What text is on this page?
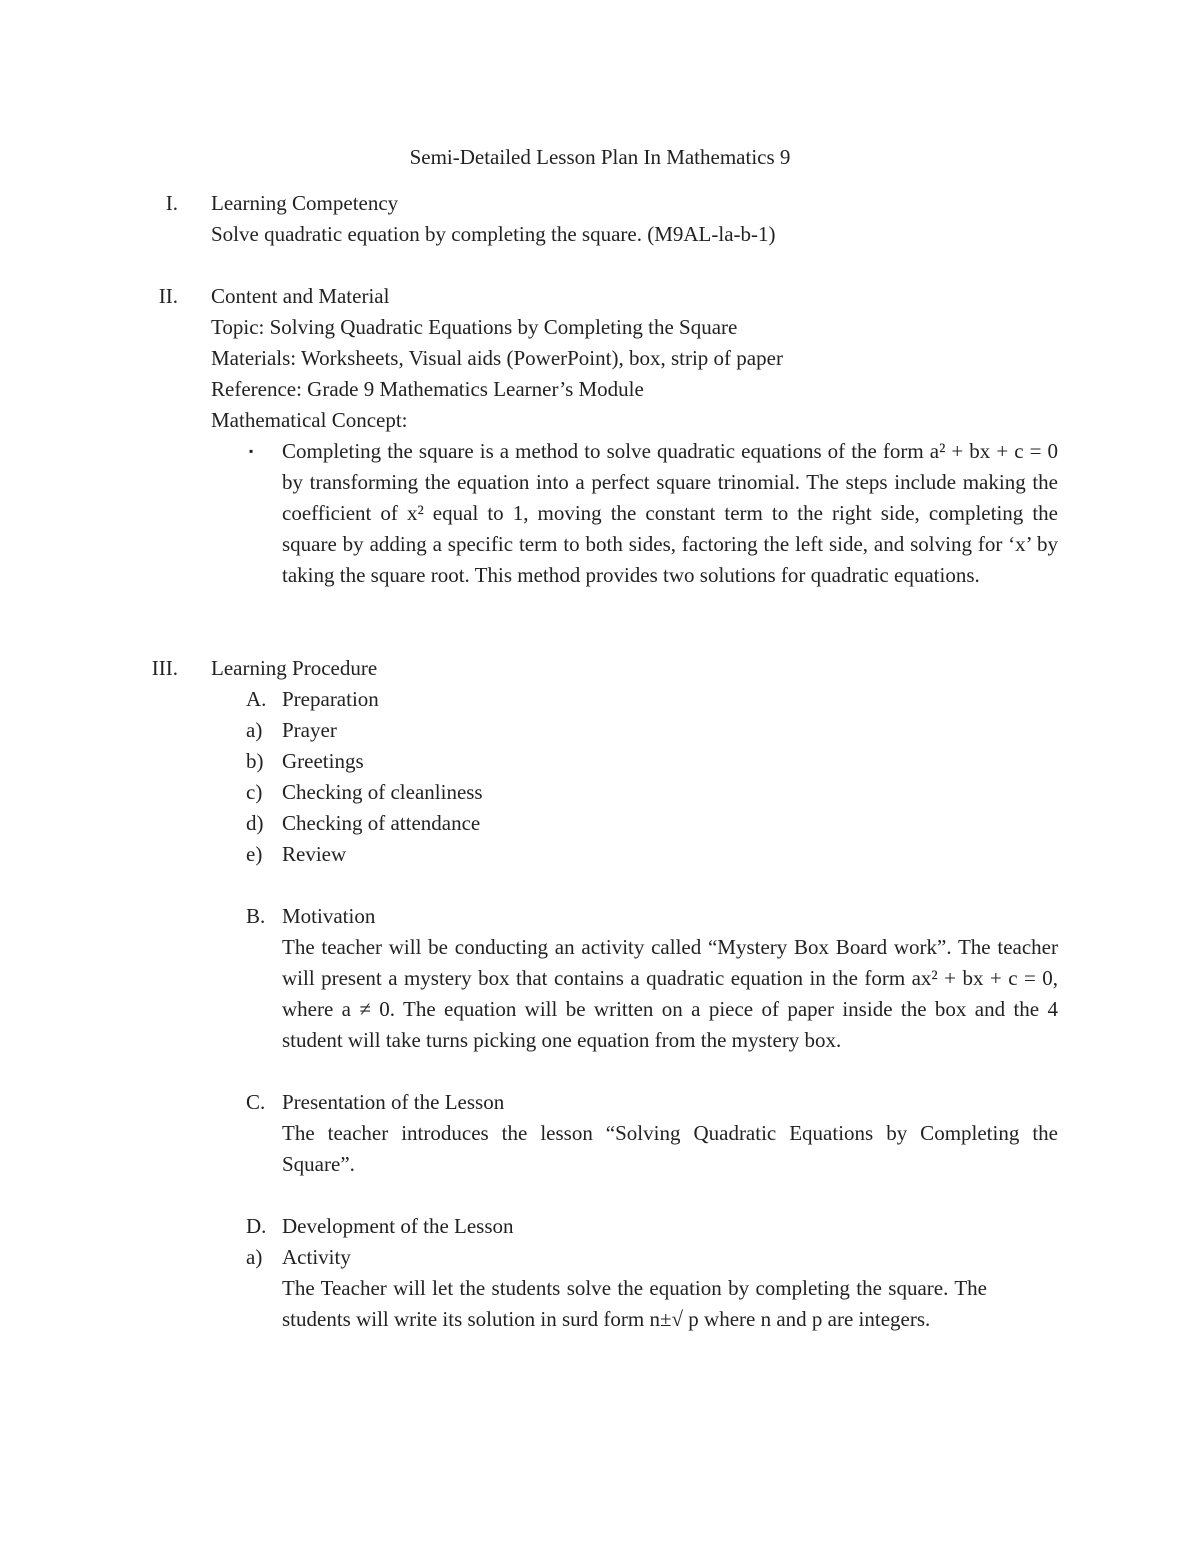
Semi-Detailed Lesson Plan In Mathematics 9
I. Learning Competency
Solve quadratic equation by completing the square. (M9AL-la-b-1)
II. Content and Material
Topic: Solving Quadratic Equations by Completing the Square
Materials: Worksheets, Visual aids (PowerPoint), box, strip of paper
Reference: Grade 9 Mathematics Learner’s Module
Mathematical Concept:
▪ Completing the square is a method to solve quadratic equations of the form a² + bx + c = 0 by transforming the equation into a perfect square trinomial. The steps include making the coefficient of x² equal to 1, moving the constant term to the right side, completing the square by adding a specific term to both sides, factoring the left side, and solving for ‘x’ by taking the square root. This method provides two solutions for quadratic equations.
III. Learning Procedure
A. Preparation
a) Prayer
b) Greetings
c) Checking of cleanliness
d) Checking of attendance
e) Review
B. Motivation
The teacher will be conducting an activity called “Mystery Box Board work”. The teacher will present a mystery box that contains a quadratic equation in the form ax² + bx + c = 0, where a ≠ 0. The equation will be written on a piece of paper inside the box and the 4 student will take turns picking one equation from the mystery box.
C. Presentation of the Lesson
The teacher introduces the lesson “Solving Quadratic Equations by Completing the Square”.
D. Development of the Lesson
a) Activity
The Teacher will let the students solve the equation by completing the square. The students will write its solution in surd form n±√ p where n and p are integers.
